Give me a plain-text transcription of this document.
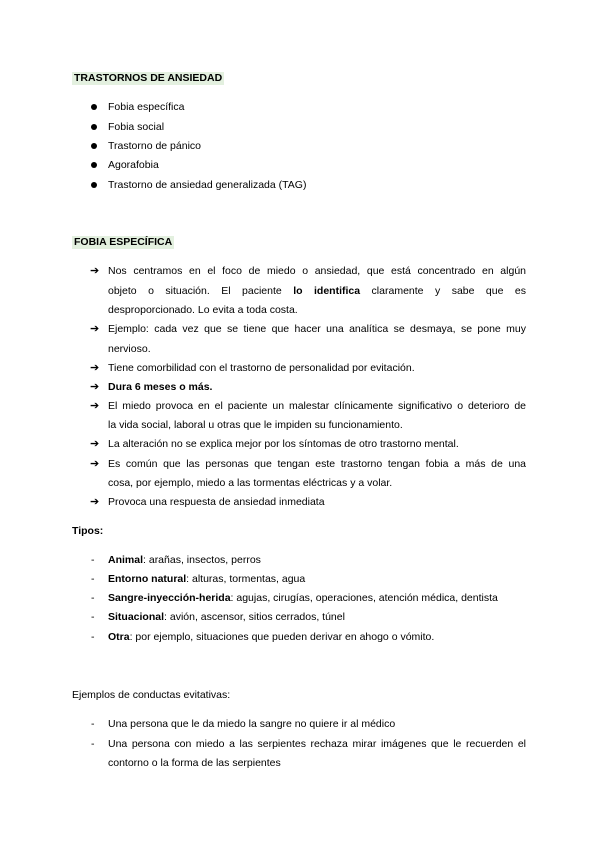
TRASTORNOS DE ANSIEDAD
Fobia específica
Fobia social
Trastorno de pánico
Agorafobia
Trastorno de ansiedad generalizada (TAG)
FOBIA ESPECÍFICA
➔ Nos centramos en el foco de miedo o ansiedad, que está concentrado en algún
objeto o situación. El paciente lo identifica claramente y sabe que es
desproporcionado. Lo evita a toda costa.
➔ Ejemplo: cada vez que se tiene que hacer una analítica se desmaya, se pone muy
nervioso.
➔ Tiene comorbilidad con el trastorno de personalidad por evitación.
➔ Dura 6 meses o más.
➔ El miedo provoca en el paciente un malestar clínicamente significativo o deterioro de
la vida social, laboral u otras que le impiden su funcionamiento.
➔ La alteración no se explica mejor por los síntomas de otro trastorno mental.
➔ Es común que las personas que tengan este trastorno tengan fobia a más de una
cosa, por ejemplo, miedo a las tormentas eléctricas y a volar.
➔ Provoca una respuesta de ansiedad inmediata
Tipos:
- Animal: arañas, insectos, perros
- Entorno natural: alturas, tormentas, agua
- Sangre-inyección-herida: agujas, cirugías, operaciones, atención médica, dentista
- Situacional: avión, ascensor, sitios cerrados, túnel
- Otra: por ejemplo, situaciones que pueden derivar en ahogo o vómito.
Ejemplos de conductas evitativas:
- Una persona que le da miedo la sangre no quiere ir al médico
- Una persona con miedo a las serpientes rechaza mirar imágenes que le recuerden el
contorno o la forma de las serpientes
